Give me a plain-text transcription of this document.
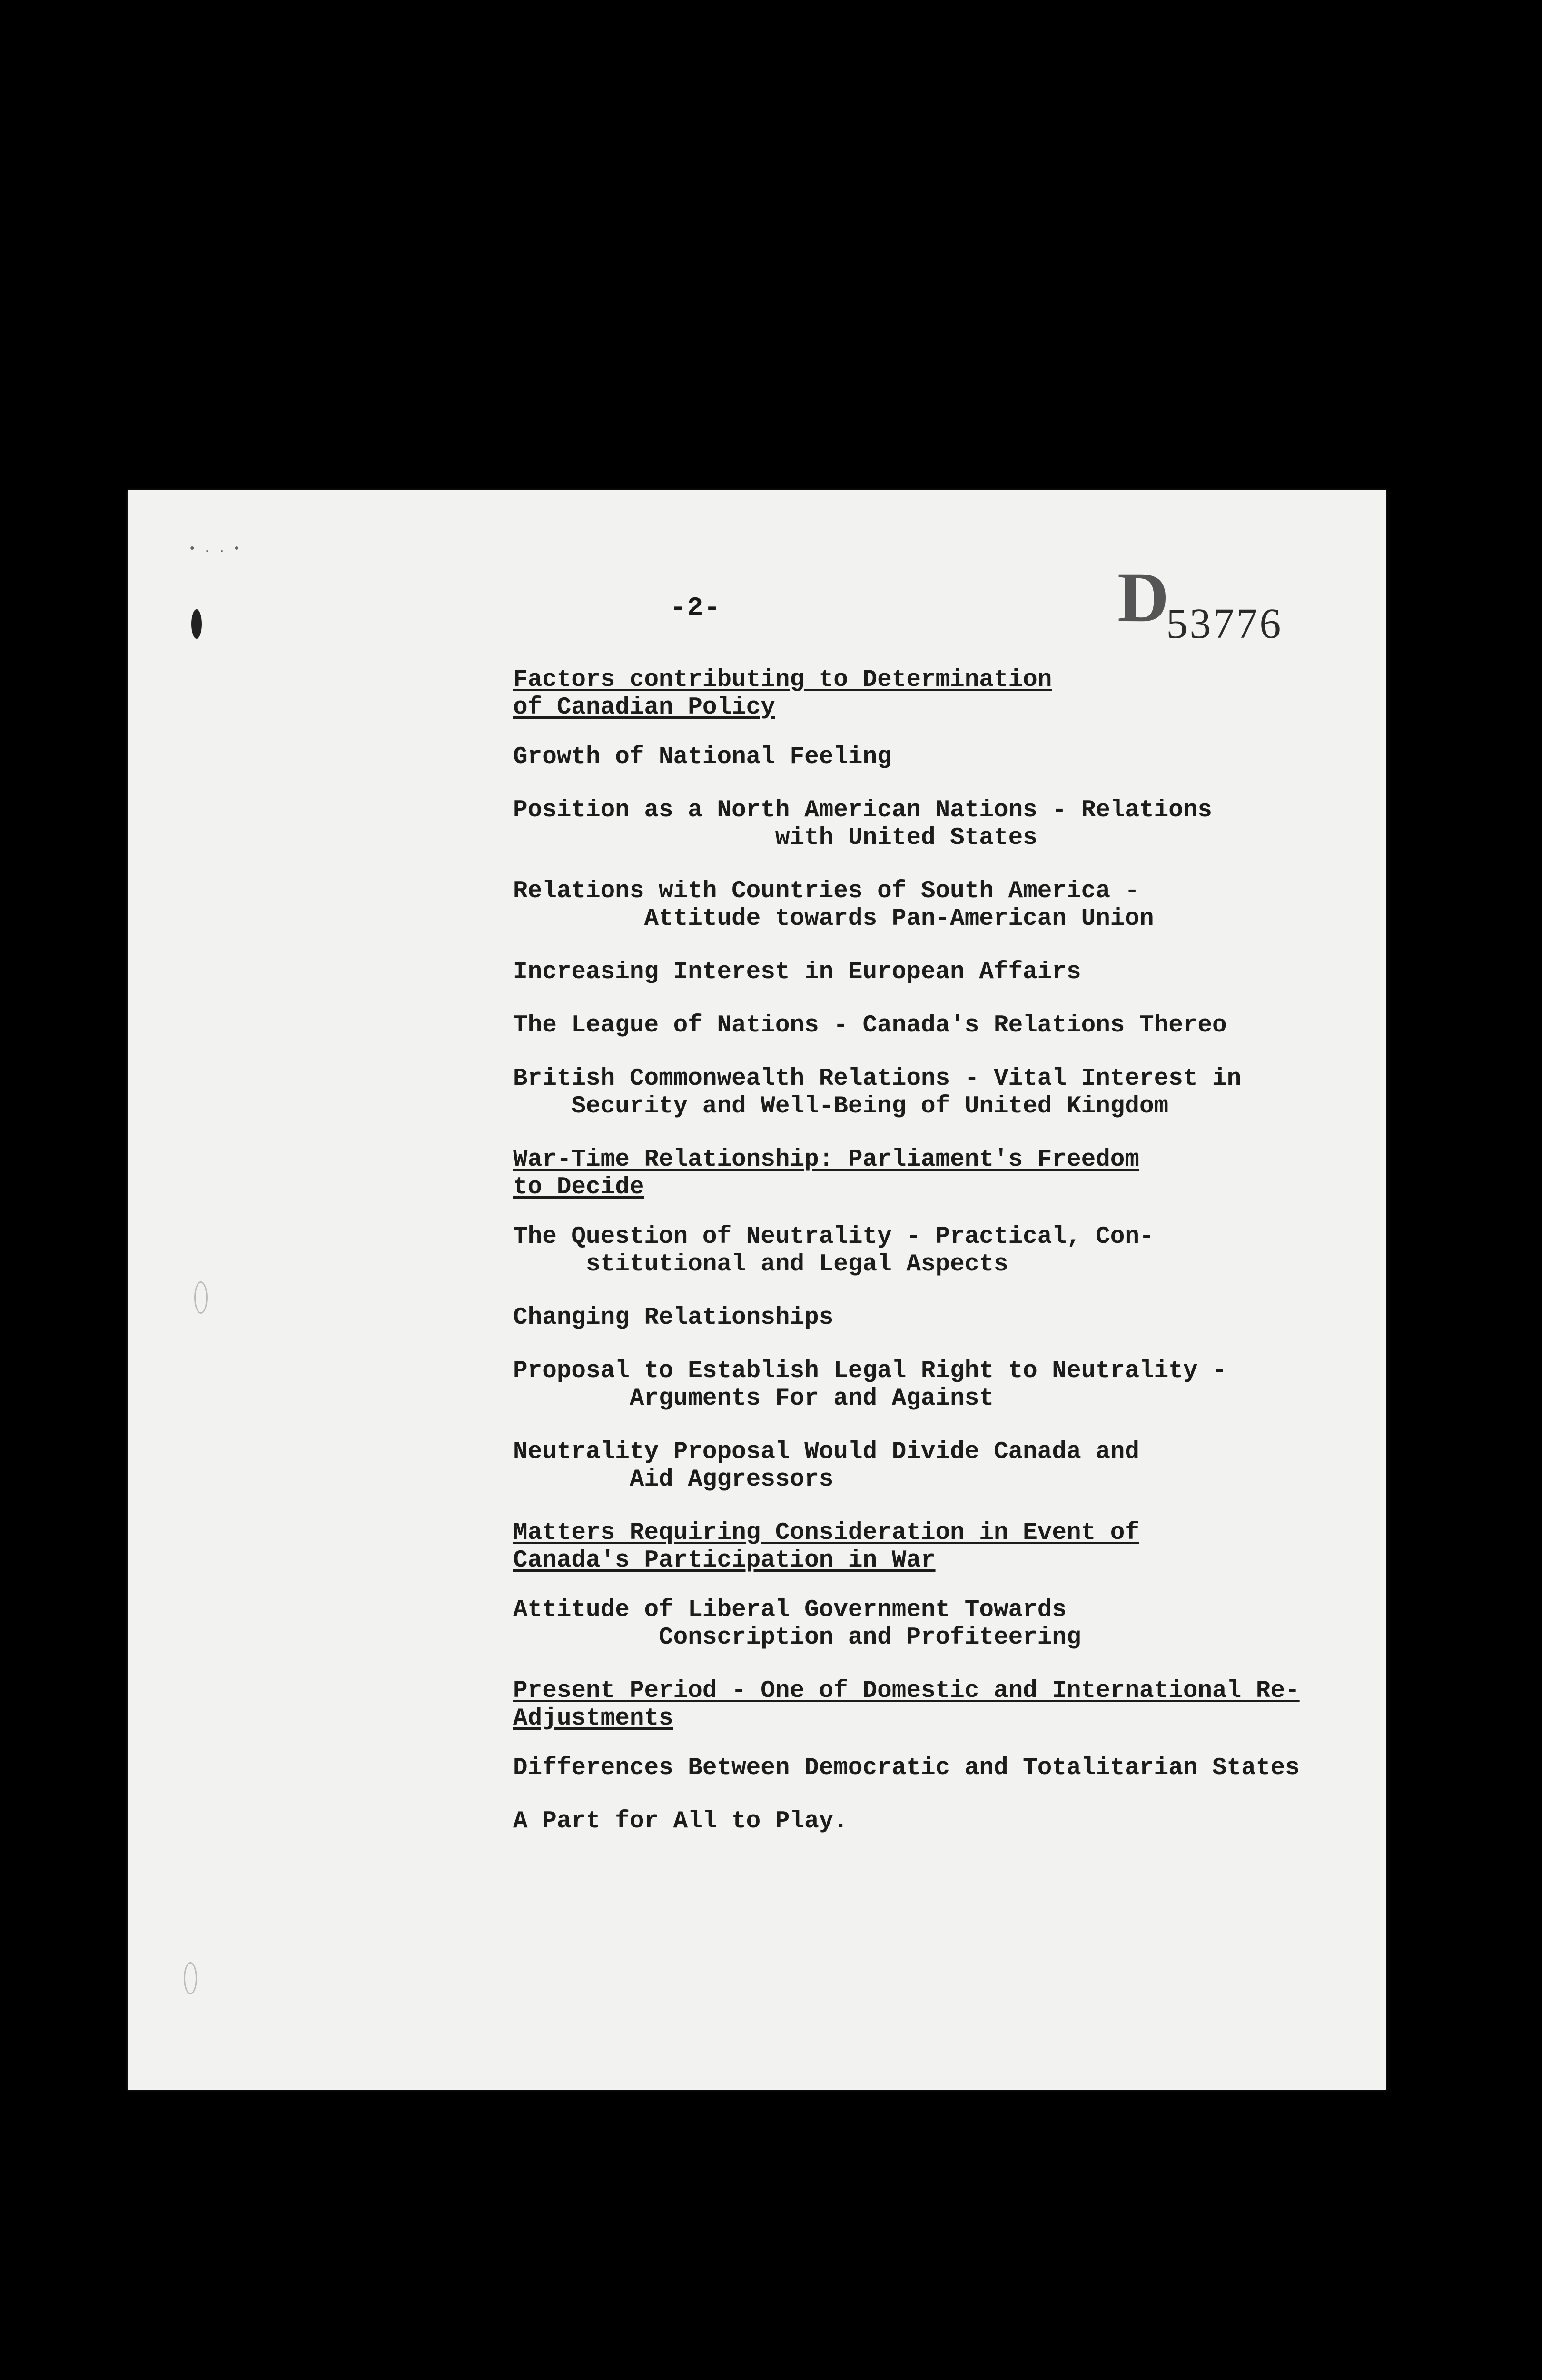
• . . •
-2-	D
53776
Factors contributing to Determination
of Canadian Policy
Growth of National Feeling
Position as a North American Nations - Relations
with United States
Relations with Countries of South America -
Attitude towards Pan-American Union
Increasing Interest in European Affairs
The League of Nations - Canada's Relations Thereo
British Commonwealth Relations - Vital Interest in
Security and Well-Being of United Kingdom
War-Time Relationship: Parliament's Freedom
to Decide
The Question of Neutrality - Practical, Con-
stitutional and Legal Aspects
Changing Relationships
Proposal to Establish Legal Right to Neutrality -
Arguments For and Against
Neutrality Proposal Would Divide Canada and
Aid Aggressors
Matters Requiring Consideration in Event of
Canada's Participation in War
Attitude of Liberal Government Towards
Conscription and Profiteering
Present Period - One of Domestic and International Re-
Adjustments
Differences Between Democratic and Totalitarian States
A Part for All to Play.
